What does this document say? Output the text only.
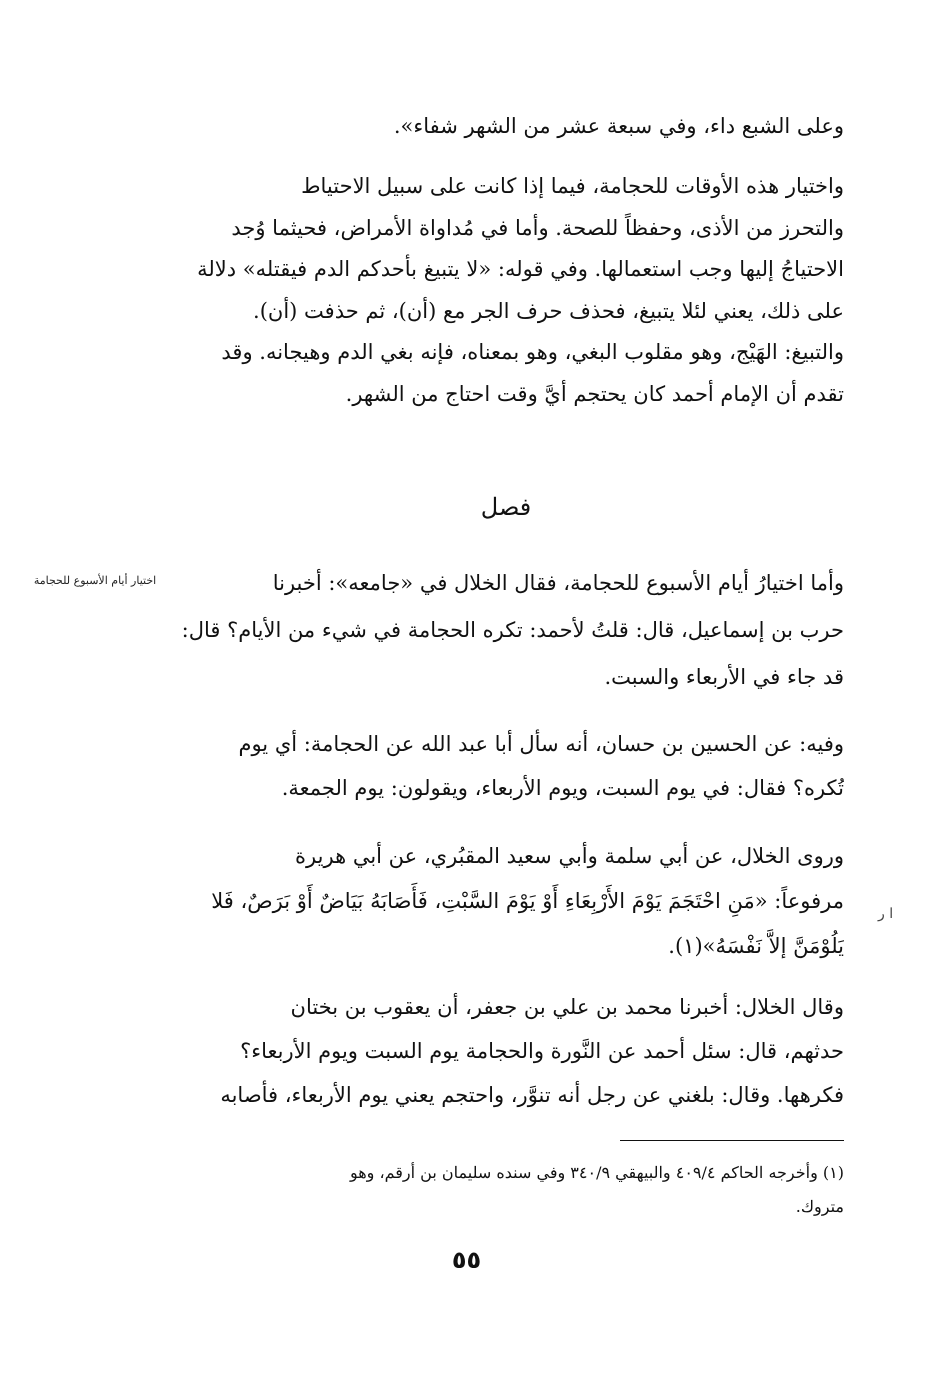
وعلى الشبع داء، وفي سبعة عشر من الشهر شفاء».
واختيار هذه الأوقات للحجامة، فيما إذا كانت على سبيل الاحتياط
والتحرز من الأذى، وحفظاً للصحة. وأما في مُداواة الأمراض، فحيثما وُجد
الاحتياجُ إليها وجب استعمالها. وفي قوله: «لا يتبيغ بأحدكم الدم فيقتله» دلالة
على ذلك، يعني لئلا يتبيغ، فحذف حرف الجر مع (أن)، ثم حذفت (أن).
والتبيغ: الهَيْج، وهو مقلوب البغي، وهو بمعناه، فإنه بغي الدم وهيجانه. وقد
تقدم أن الإمام أحمد كان يحتجم أيَّ وقت احتاج من الشهر.
فصل
اختيار أيام الأسبوع للحجامة	وأما اختيارُ أيام الأسبوع للحجامة، فقال الخلال في «جامعه»: أخبرنا
حرب بن إسماعيل، قال: قلتُ لأحمد: تكره الحجامة في شيء من الأيام؟ قال:
قد جاء في الأربعاء والسبت.
وفيه: عن الحسين بن حسان، أنه سأل أبا عبد الله عن الحجامة: أي يوم
تُكره؟ فقال: في يوم السبت، ويوم الأربعاء، ويقولون: يوم الجمعة.
وروى الخلال، عن أبي سلمة وأبي سعيد المقبُري، عن أبي هريرة
مرفوعاً: «مَنِ احْتَجَمَ يَوْمَ الأَرْبِعَاءِ أَوْ يَوْمَ السَّبْتِ، فَأَصَابَهُ بَيَاضٌ أَوْ بَرَصٌ، فَلا
يَلُوْمَنَّ إلاَّ نَفْسَهُ»(١).
ا ر
وقال الخلال: أخبرنا محمد بن علي بن جعفر، أن يعقوب بن بختان
حدثهم، قال: سئل أحمد عن النَّورة والحجامة يوم السبت ويوم الأربعاء؟
فكرهها. وقال: بلغني عن رجل أنه تنوَّر، واحتجم يعني يوم الأربعاء، فأصابه
(١) وأخرجه الحاكم ٤٠٩/٤ والبيهقي ٣٤٠/٩ وفي سنده سليمان بن أرقم، وهو
متروك.
٥٥
